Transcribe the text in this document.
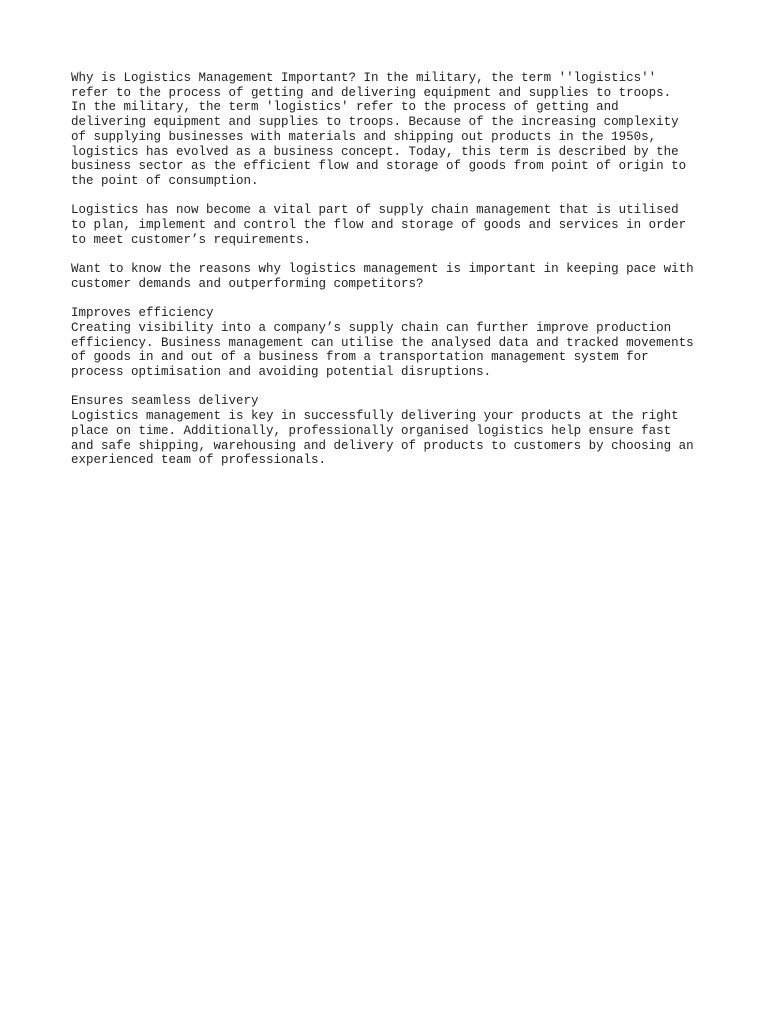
Why is Logistics Management Important? In the military, the term ''logistics''
refer to the process of getting and delivering equipment and supplies to troops.
In the military, the term 'logistics' refer to the process of getting and
delivering equipment and supplies to troops. Because of the increasing complexity
of supplying businesses with materials and shipping out products in the 1950s,
logistics has evolved as a business concept. Today, this term is described by the
business sector as the efficient flow and storage of goods from point of origin to
the point of consumption.

Logistics has now become a vital part of supply chain management that is utilised
to plan, implement and control the flow and storage of goods and services in order
to meet customer’s requirements.

Want to know the reasons why logistics management is important in keeping pace with
customer demands and outperforming competitors?

Improves efficiency
Creating visibility into a company’s supply chain can further improve production
efficiency. Business management can utilise the analysed data and tracked movements
of goods in and out of a business from a transportation management system for
process optimisation and avoiding potential disruptions.

Ensures seamless delivery
Logistics management is key in successfully delivering your products at the right
place on time. Additionally, professionally organised logistics help ensure fast
and safe shipping, warehousing and delivery of products to customers by choosing an
experienced team of professionals.
